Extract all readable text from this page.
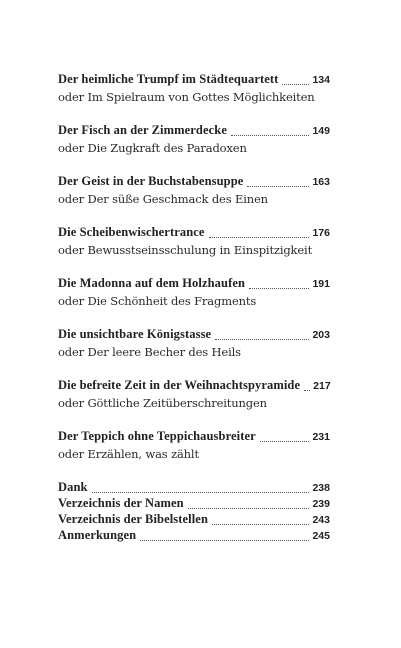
Der heimliche Trumpf im Städtequartett	134
oder Im Spielraum von Gottes Möglichkeiten
Der Fisch an der Zimmerdecke	149
oder Die Zugkraft des Paradoxen
Der Geist in der Buchstabensuppe	163
oder Der süße Geschmack des Einen
Die Scheibenwischertrance	176
oder Bewusstseinsschulung in Einspitzigkeit
Die Madonna auf dem Holzhaufen	191
oder Die Schönheit des Fragments
Die unsichtbare Königstasse	203
oder Der leere Becher des Heils
Die befreite Zeit in der Weihnachtspyramide 217
oder Göttliche Zeitüberschreitungen
Der Teppich ohne Teppichausbreiter	231
oder Erzählen, was zählt
Dank	238
Verzeichnis der Namen	239
Verzeichnis der Bibelstellen	243
Anmerkungen	245
